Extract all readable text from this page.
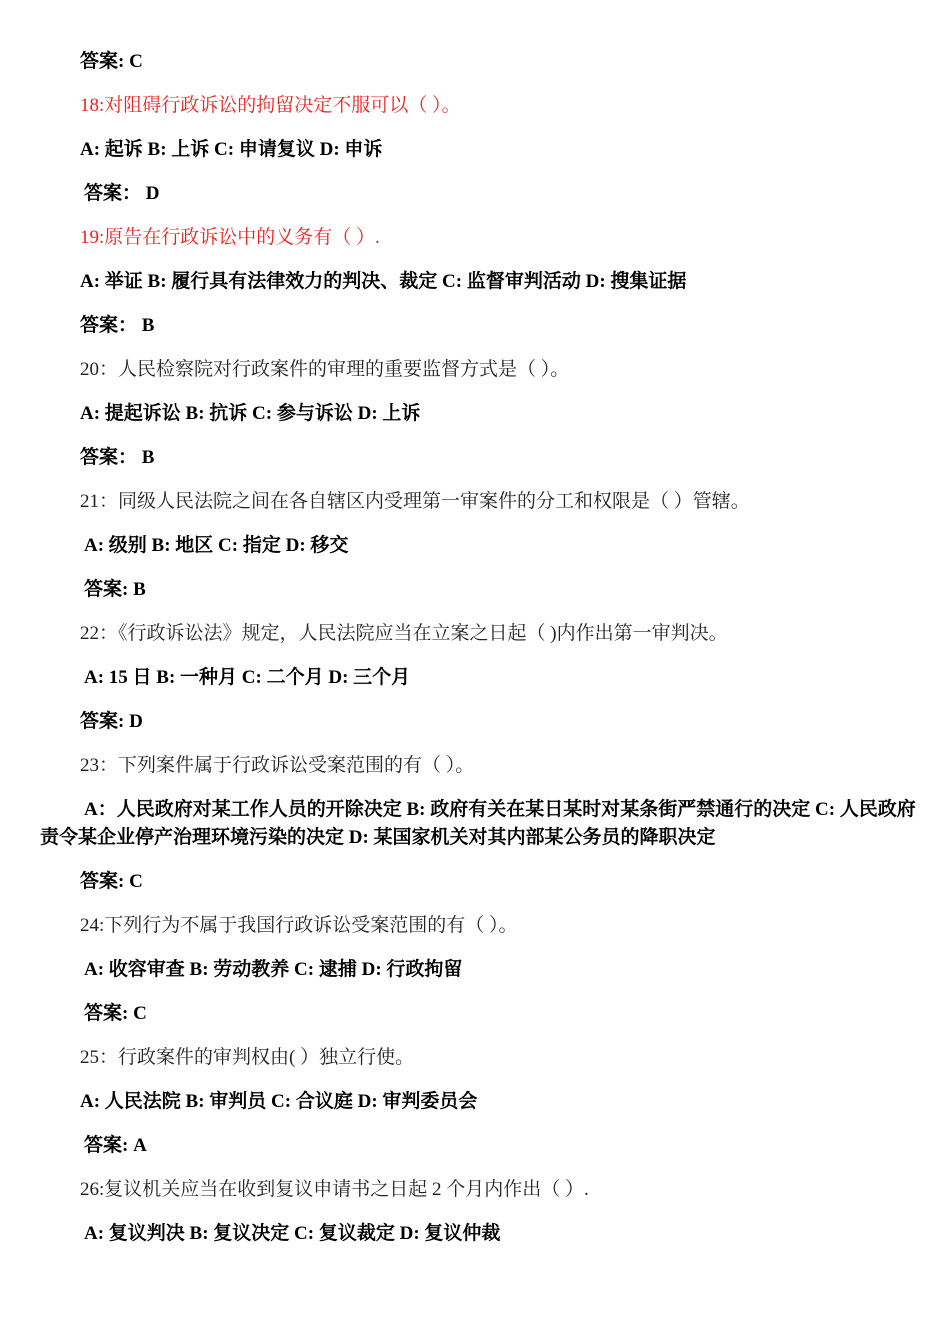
答案: C
18:对阻碍行政诉讼的拘留决定不服可以（ ）。
A: 起诉 B: 上诉 C: 申请复议 D: 申诉
答案： D
19:原告在行政诉讼中的义务有（ ）.
A: 举证 B: 履行具有法律效力的判决、裁定 C: 监督审判活动 D: 搜集证据
答案： B
20：人民检察院对行政案件的审理的重要监督方式是（ ）。
A: 提起诉讼 B: 抗诉 C: 参与诉讼 D: 上诉
答案： B
21：同级人民法院之间在各自辖区内受理第一审案件的分工和权限是（ ）管辖。
A: 级别 B: 地区 C: 指定 D: 移交
答案: B
22：《行政诉讼法》规定，人民法院应当在立案之日起（ )内作出第一审判决。
A: 15 日 B: 一种月 C: 二个月 D: 三个月
答案: D
23：下列案件属于行政诉讼受案范围的有（ ）。
A：人民政府对某工作人员的开除决定 B: 政府有关在某日某时对某条街严禁通行的决定 C: 人民政府责令某企业停产治理环境污染的决定 D: 某国家机关对其内部某公务员的降职决定
答案: C
24:下列行为不属于我国行政诉讼受案范围的有（ ）。
A: 收容审查 B: 劳动教养 C: 逮捕 D: 行政拘留
答案: C
25：行政案件的审判权由( ）独立行使。
A: 人民法院 B: 审判员 C: 合议庭 D: 审判委员会
答案: A
26:复议机关应当在收到复议申请书之日起 2 个月内作出（ ）.
A: 复议判决 B: 复议决定 C: 复议裁定 D: 复议仲裁
